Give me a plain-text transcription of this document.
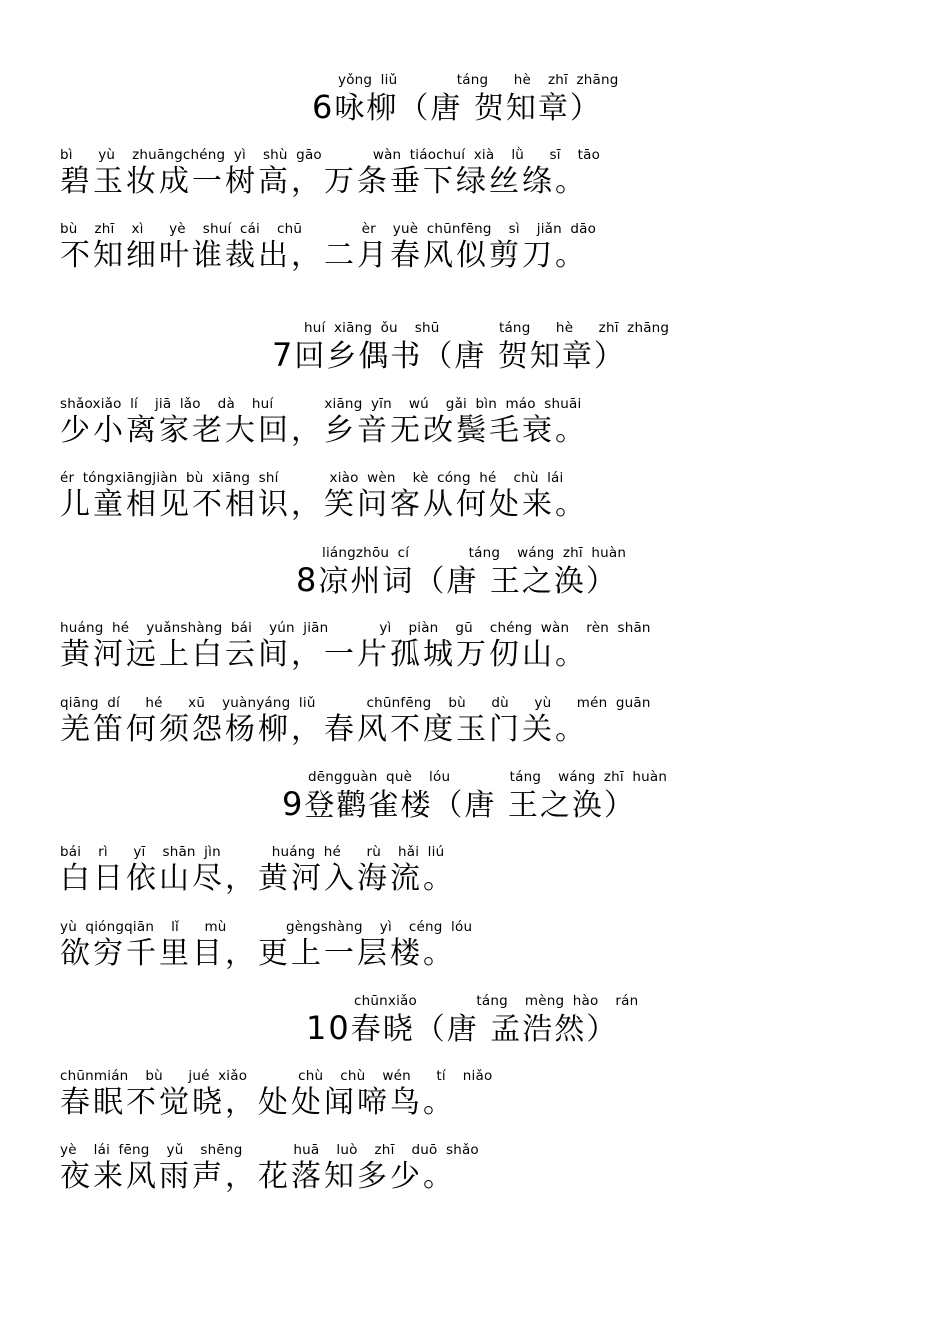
yǒng liǔ       táng   hè  zhī zhāng
6咏柳（唐 贺知章）
bì   yù  zhuāngchéng yì  shù gāo      wàn tiáochuí xià  lǜ   sī  tāo
碧玉妆成一树高，万条垂下绿丝绦。
bù  zhī  xì   yè  shuí cái  chū       èr  yuè chūnfēng  sì  jiǎn dāo
不知细叶谁裁出，二月春风似剪刀。
huí xiāng ǒu  shū       táng   hè   zhī zhāng
7回乡偶书（唐 贺知章）
shǎoxiǎo lí  jiā lǎo  dà  huí      xiāng yīn  wú  gǎi bìn máo shuāi
少小离家老大回，乡音无改鬓毛衰。
ér tóngxiāngjiàn bù xiāng shí      xiào wèn  kè cóng hé  chù lái
儿童相见不相识，笑问客从何处来。
liángzhōu cí       táng  wáng zhī huàn
8凉州词（唐 王之涣）
huáng hé  yuǎnshàng bái  yún jiān      yì  piàn  gū  chéng wàn  rèn shān
黄河远上白云间，一片孤城万仞山。
qiāng dí   hé   xū  yuànyáng liǔ      chūnfēng  bù   dù   yù   mén guān
羌笛何须怨杨柳，春风不度玉门关。
dēngguàn què  lóu       táng  wáng zhī huàn
9登鹳雀楼（唐 王之涣）
bái  rì   yī  shān jìn      huáng hé   rù  hǎi liú
白日依山尽，黄河入海流。
yù qióngqiān  lǐ   mù       gèngshàng  yì  céng lóu
欲穷千里目，更上一层楼。
chūnxiǎo       táng  mèng hào  rán
10春晓（唐 孟浩然）
chūnmián  bù   jué xiǎo      chù  chù  wén   tí  niǎo
春眠不觉晓，处处闻啼鸟。
yè  lái fēng  yǔ  shēng      huā  luò  zhī  duō shǎo
夜来风雨声，花落知多少。
